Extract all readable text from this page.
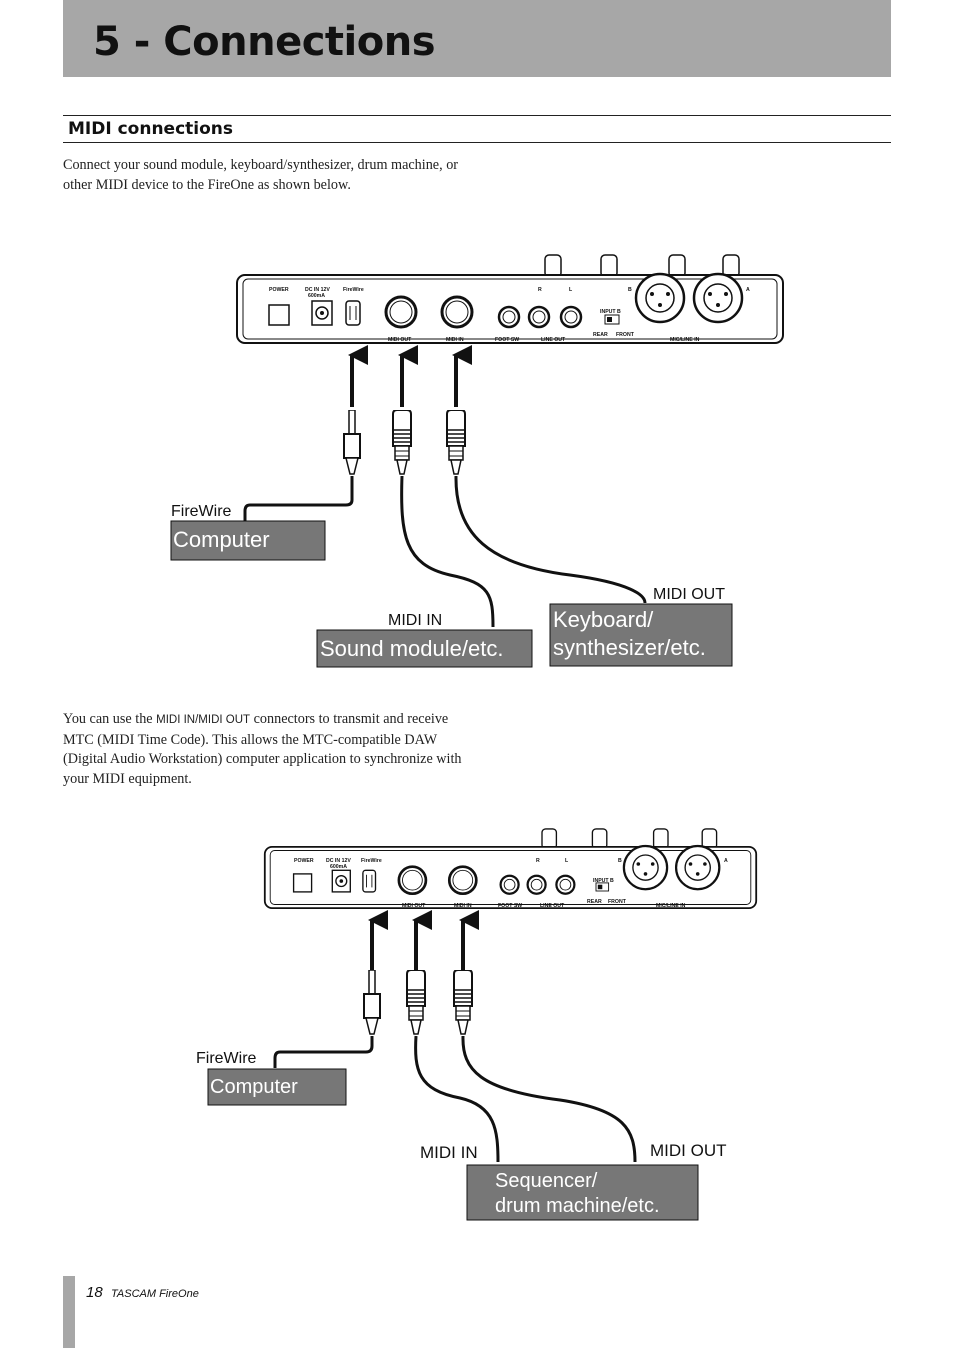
5 - Connections
MIDI connections

Connect your sound module, keyboard/synthesizer, drum machine, or other MIDI device to the FireOne as shown below.

POWER	DC IN 12V
600mA
FireWire
MIDI OUT	MIDI IN	FOOT SW	LINE OUT
R	L	B	A
INPUT B
REAR FRONT
MIC/LINE IN
FireWire
Computer
MIDI IN
Sound module/etc.
MIDI OUT
Keyboard/
synthesizer/etc.

You can use the MIDI IN/MIDI OUT connectors to transmit and receive MTC (MIDI Time Code). This allows the MTC-compatible DAW (Digital Audio Workstation) computer application to synchronize with your MIDI equipment.

POWER DC IN 12V
600mA
FireWire
MIDI OUT	MIDI IN	FOOT SW	LINE OUT
R	L	B	A
INPUT B
REAR FRONT
MIC/LINE IN
FireWire
Computer
MIDI IN	MIDI OUT
Sequencer/
drum machine/etc.
18 TASCAM FireOne
